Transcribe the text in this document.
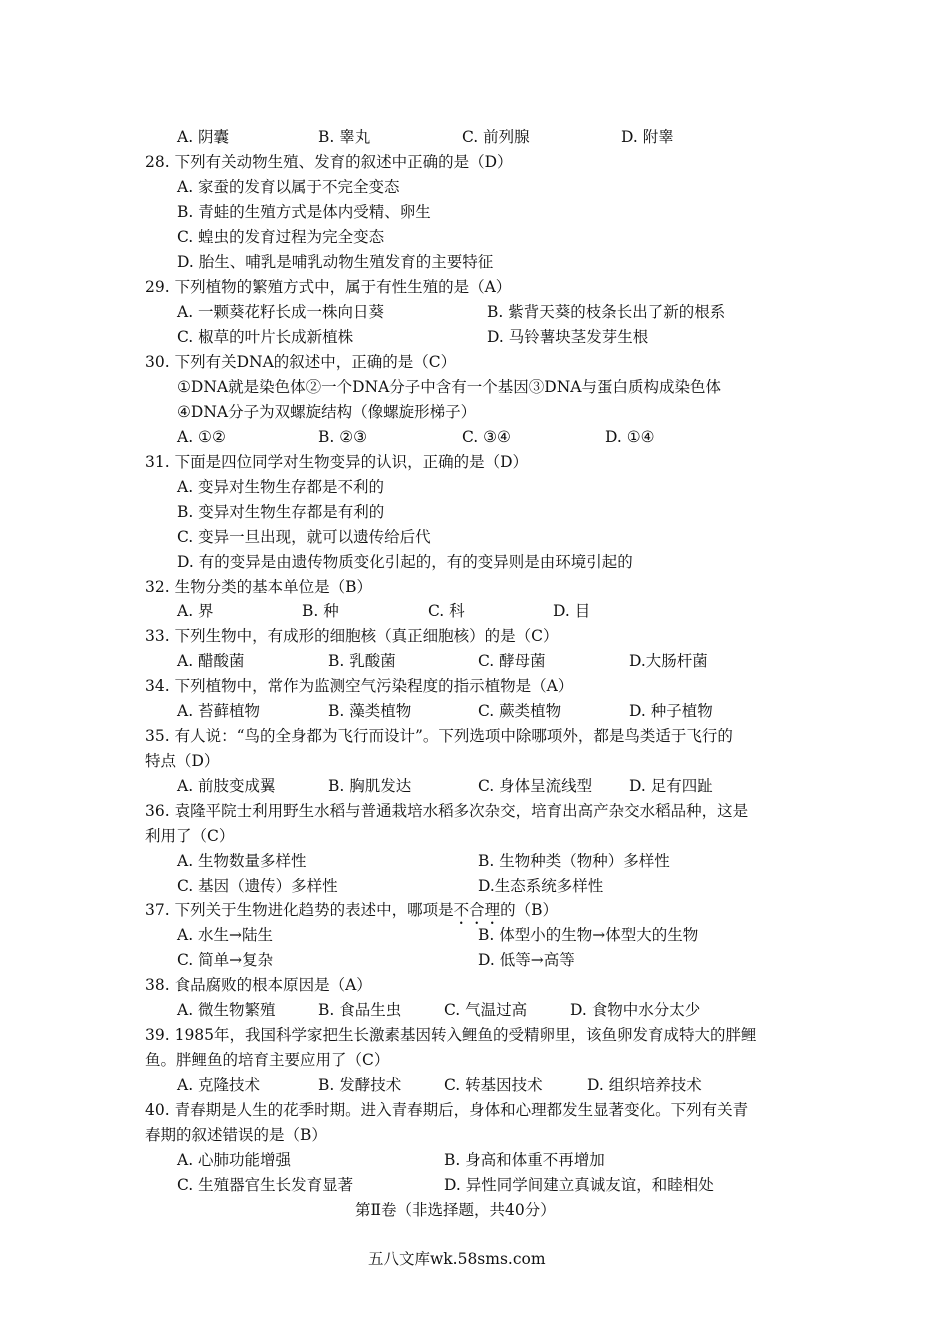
A. 阴囊	B. 睾丸	C. 前列腺	D. 附睾
28. 下列有关动物生殖、发育的叙述中正确的是（D）
A. 家蚕的发育以属于不完全变态
B. 青蛙的生殖方式是体内受精、卵生
C. 蝗虫的发育过程为完全变态
D. 胎生、哺乳是哺乳动物生殖发育的主要特征
29. 下列植物的繁殖方式中，属于有性生殖的是（A）
A. 一颗葵花籽长成一株向日葵	B. 紫背天葵的枝条长出了新的根系
C. 椒草的叶片长成新植株	D. 马铃薯块茎发芽生根
30. 下列有关DNA的叙述中，正确的是（C）
①DNA就是染色体②一个DNA分子中含有一个基因③DNA与蛋白质构成染色体
④DNA分子为双螺旋结构（像螺旋形梯子）
A. ①②	B. ②③	C. ③④	D. ①④
31. 下面是四位同学对生物变异的认识，正确的是（D）
A. 变异对生物生存都是不利的
B. 变异对生物生存都是有利的
C. 变异一旦出现，就可以遗传给后代
D. 有的变异是由遗传物质变化引起的，有的变异则是由环境引起的
32. 生物分类的基本单位是（B）
A. 界	B. 种	C. 科	D. 目
33. 下列生物中，有成形的细胞核（真正细胞核）的是（C）
A. 醋酸菌	B. 乳酸菌	C. 酵母菌	D.大肠杆菌
34. 下列植物中，常作为监测空气污染程度的指示植物是（A）
A. 苔藓植物	B. 藻类植物	C. 蕨类植物	D. 种子植物
35. 有人说：“鸟的全身都为飞行而设计”。下列选项中除哪项外，都是鸟类适于飞行的
特点（D）
A. 前肢变成翼	B. 胸肌发达	C. 身体呈流线型 D. 足有四趾
36. 袁隆平院士利用野生水稻与普通栽培水稻多次杂交，培育出高产杂交水稻品种，这是
利用了（C）
A. 生物数量多样性	B. 生物种类（物种）多样性
C. 基因（遗传）多样性	D.生态系统多样性
37. 下列关于生物进化趋势的表述中，哪项是不合理的（B）
A. 水生→陆生	B. 体型小的生物→体型大的生物
C. 简单→复杂	D. 低等→高等
38. 食品腐败的根本原因是（A）
A. 微生物繁殖	B. 食品生虫	C. 气温过高	D. 食物中水分太少
39. 1985年，我国科学家把生长激素基因转入鲤鱼的受精卵里，该鱼卵发育成特大的胖鲤
鱼。胖鲤鱼的培育主要应用了（C）
A. 克隆技术	B. 发酵技术	C. 转基因技术	D. 组织培养技术
40. 青春期是人生的花季时期。进入青春期后，身体和心理都发生显著变化。下列有关青
春期的叙述错误的是（B）
A. 心肺功能增强	B. 身高和体重不再增加
C. 生殖器官生长发育显著	D. 异性同学间建立真诚友谊，和睦相处
第Ⅱ卷（非选择题，共40分）
五八文库wk.58sms.com
